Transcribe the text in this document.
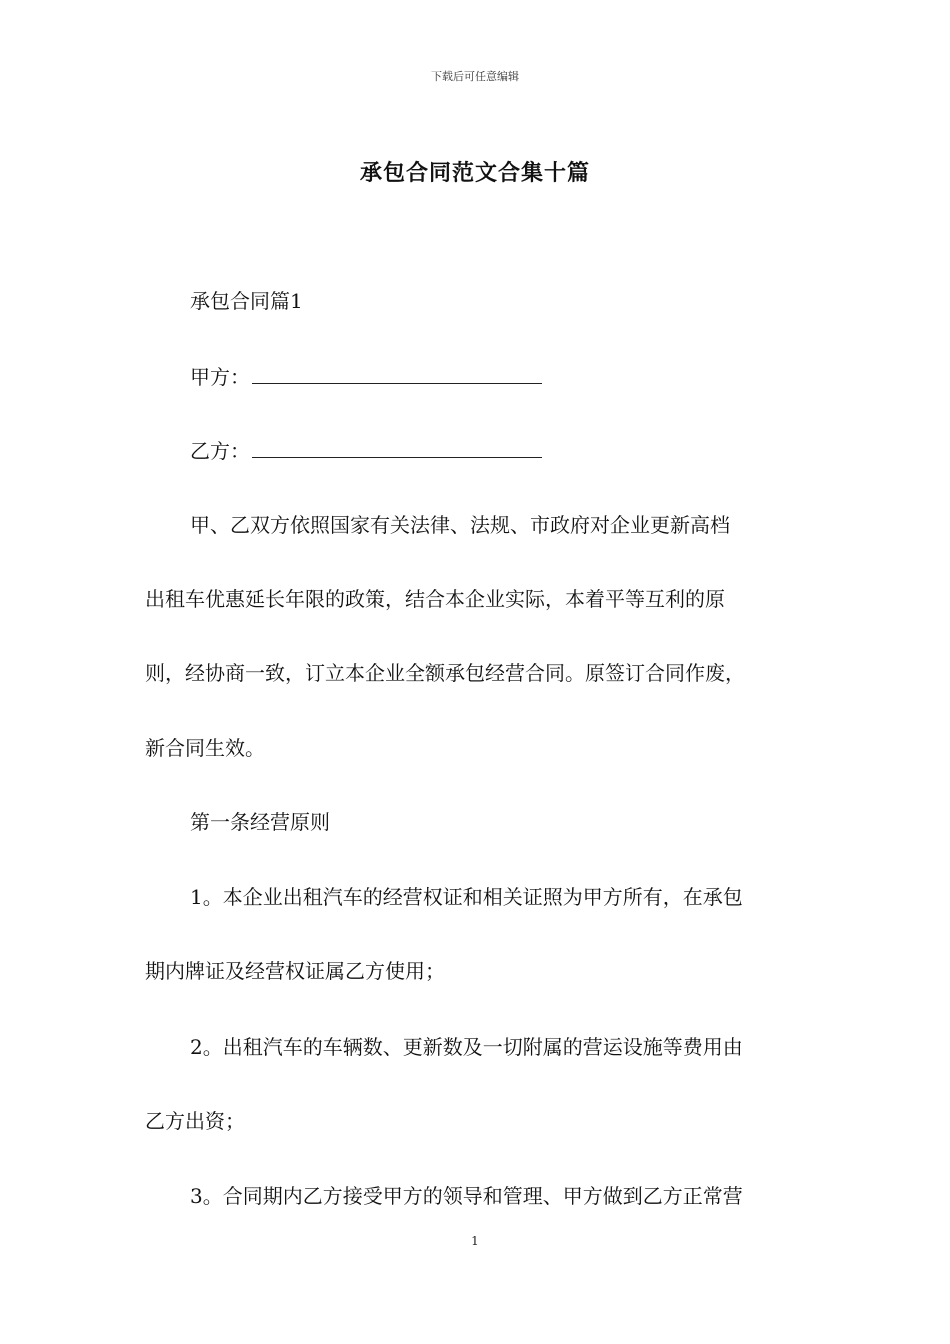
下载后可任意编辑
承包合同范文合集十篇
承包合同篇1
甲方：
乙方：
甲、乙双方依照国家有关法律、法规、市政府对企业更新高档
出租车优惠延长年限的政策，结合本企业实际，本着平等互利的原
则，经协商一致，订立本企业全额承包经营合同。原签订合同作废，
新合同生效。
第一条经营原则
1。本企业出租汽车的经营权证和相关证照为甲方所有，在承包
期内牌证及经营权证属乙方使用；
2。出租汽车的车辆数、更新数及一切附属的营运设施等费用由
乙方出资；
3。合同期内乙方接受甲方的领导和管理、甲方做到乙方正常营
1
